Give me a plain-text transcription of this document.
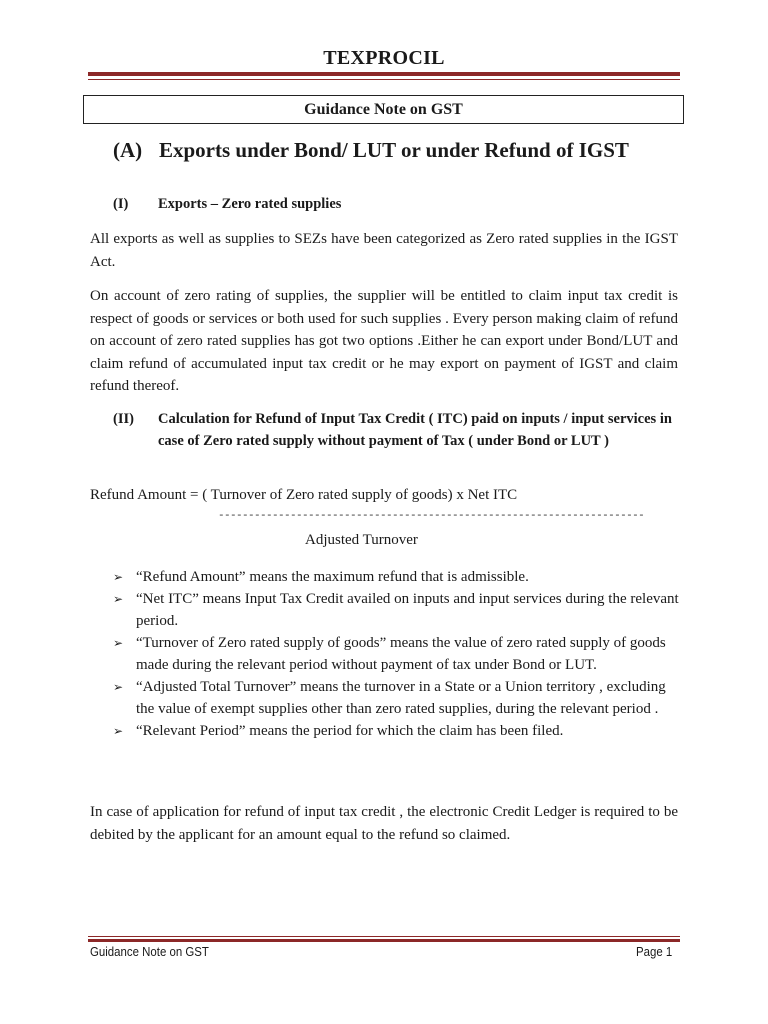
TEXPROCIL
Guidance Note on GST
(A) Exports under Bond/ LUT or under Refund of IGST
(I) Exports – Zero rated supplies

All exports as well as supplies to SEZs have been categorized as Zero rated supplies in the IGST Act.

On account of zero rating of supplies, the supplier will be entitled to claim input tax credit is respect of goods or services or both used for such supplies . Every person making claim of refund on account of zero rated supplies has got two options .Either he can export under Bond/LUT and claim refund of accumulated input tax credit or he may export on payment of IGST and claim refund thereof.

(II) Calculation for Refund of Input Tax Credit ( ITC) paid on inputs / input services in case of Zero rated supply without payment of Tax ( under Bond or LUT )
Refund Amount = ( Turnover of Zero rated supply of goods) x Net ITC
-----------------------------------------------------------------------
Adjusted Turnover
➢ “Refund Amount” means the maximum refund that is admissible.
➢ “Net ITC” means Input Tax Credit availed on inputs and input services during the relevant period.
➢ “Turnover of Zero rated supply of goods” means the value of zero rated supply of goods made during the relevant period without payment of tax under Bond or LUT.
➢ “Adjusted Total Turnover” means the turnover in a State or a Union territory , excluding the value of exempt supplies other than zero rated supplies, during the relevant period .
➢ “Relevant Period” means the period for which the claim has been filed.

In case of application for refund of input tax credit , the electronic Credit Ledger is required to be debited by the applicant for an amount equal to the refund so claimed.

Guidance Note on GST	Page 1
